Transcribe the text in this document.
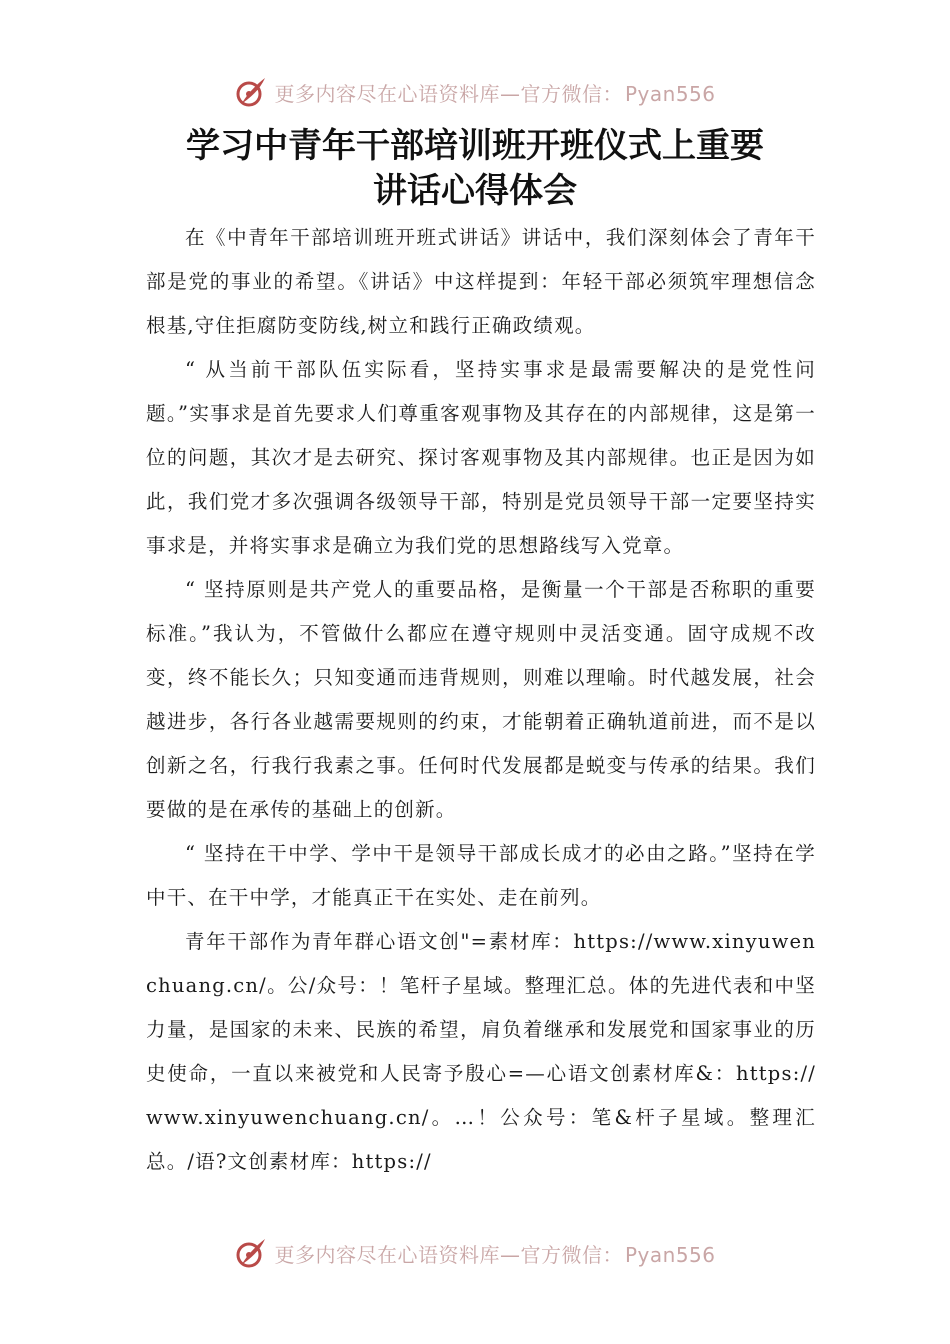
更多内容尽在心语资料库—官方微信： Pyan556
学习中青年干部培训班开班仪式上重要
讲话心得体会

在《中青年干部培训班开班式讲话》讲话中，我们深刻体会了青年干部是党的事业的希望。《讲话》中这样提到：年轻干部必须筑牢理想信念根基,守住拒腐防变防线,树立和践行正确政绩观。

“ 从当前干部队伍实际看，坚持实事求是最需要解决的是党性问题。”实事求是首先要求人们尊重客观事物及其存在的内部规律，这是第一位的问题，其次才是去研究、探讨客观事物及其内部规律。也正是因为如此，我们党才多次强调各级领导干部，特别是党员领导干部一定要坚持实事求是，并将实事求是确立为我们党的思想路线写入党章。

“ 坚持原则是共产党人的重要品格，是衡量一个干部是否称职的重要标准。”我认为，不管做什么都应在遵守规则中灵活变通。固守成规不改变，终不能长久；只知变通而违背规则，则难以理喻。时代越发展，社会越进步，各行各业越需要规则的约束，才能朝着正确轨道前进，而不是以创新之名，行我行我素之事。任何时代发展都是蜕变与传承的结果。我们要做的是在承传的基础上的创新。

“ 坚持在干中学、学中干是领导干部成长成才的必由之路。”坚持在学中干、在干中学，才能真正干在实处、走在前列。

青年干部作为青年群心语文创"=素材库：https://www.xinyuwenchuang.cn/。公/众号：！笔杆子星域。整理汇总。体的先进代表和中坚力量，是国家的未来、民族的希望，肩负着继承和发展党和国家事业的历史使命，一直以来被党和人民寄予殷心=—心语文创素材库&：https://www.xinyuwenchuang.cn/。…！公众号：笔&杆子星域。整理汇总。/语?文创素材库：https://

更多内容尽在心语资料库—官方微信： Pyan556
